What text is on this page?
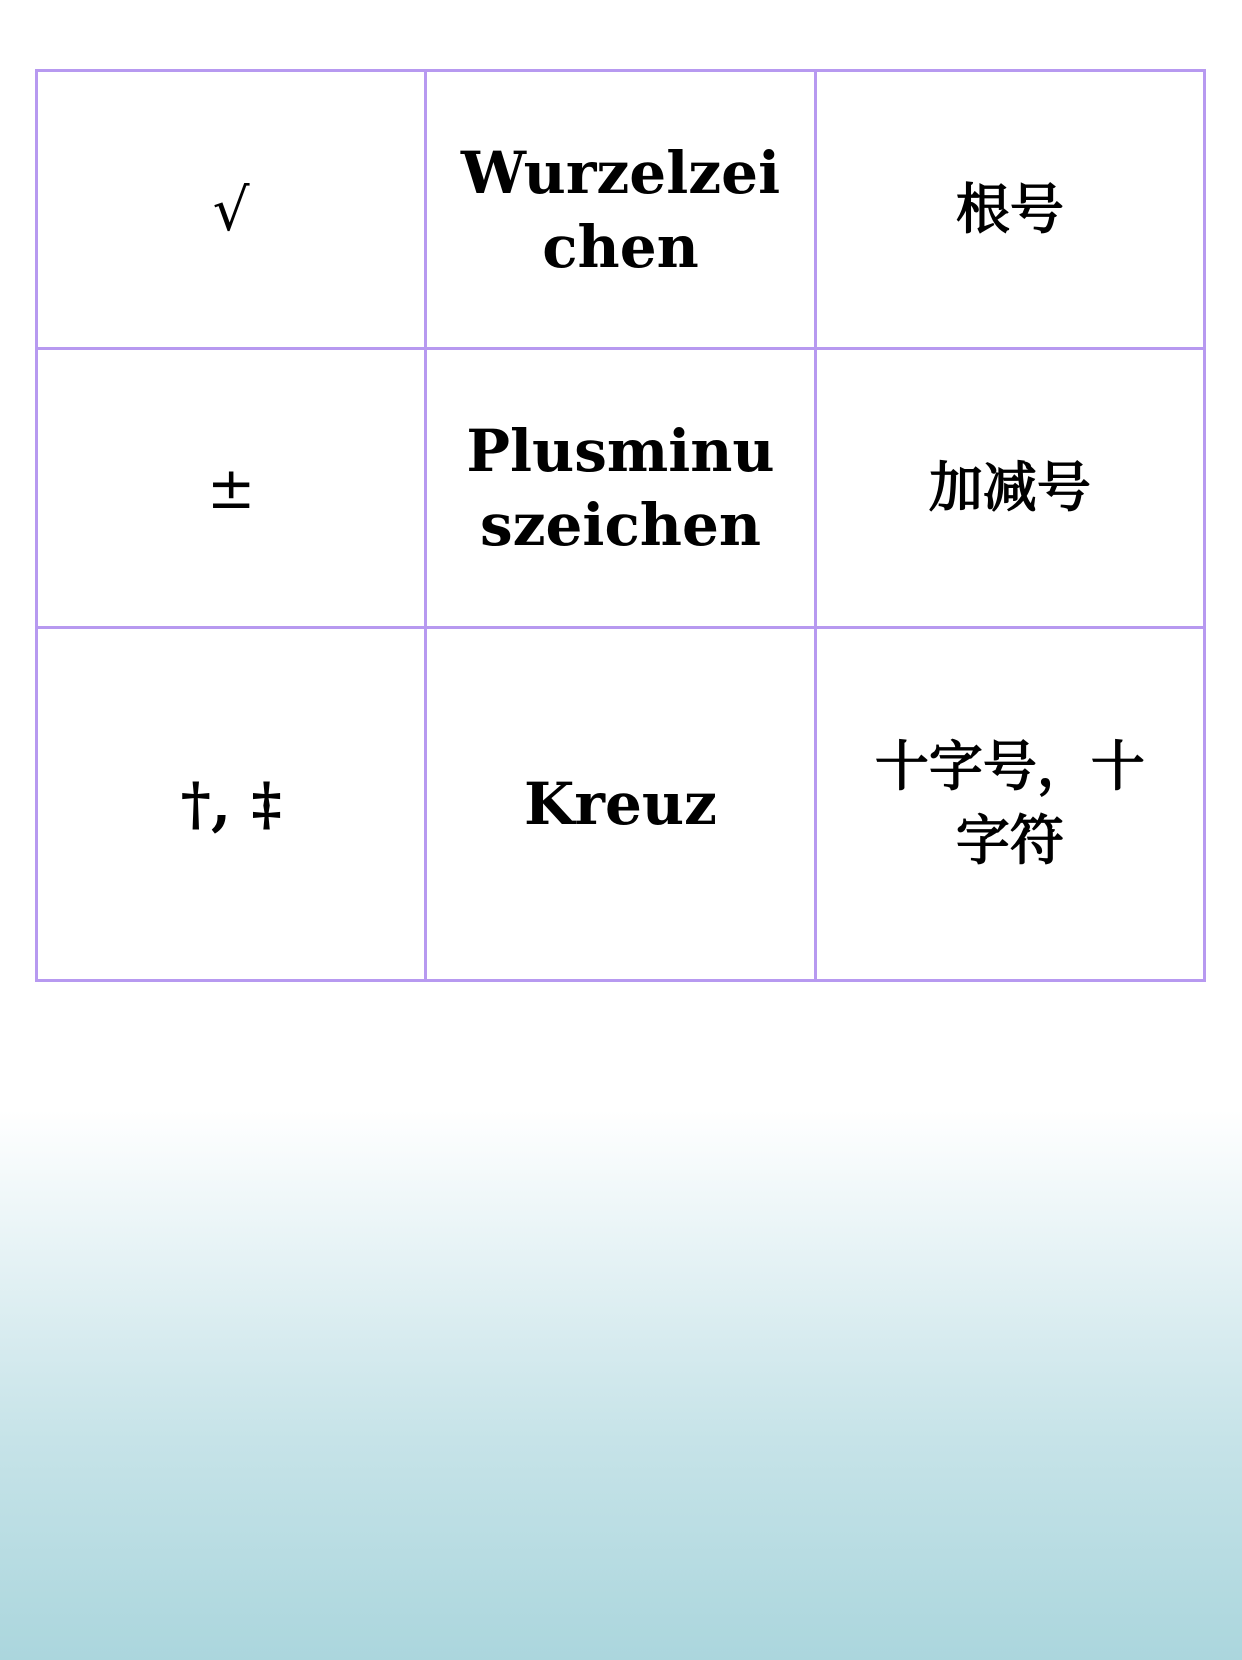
√	Wurzelzeichen	根号
±	Plusminuszeichen	加减号
†, ‡	Kreuz	十字号，十字符
